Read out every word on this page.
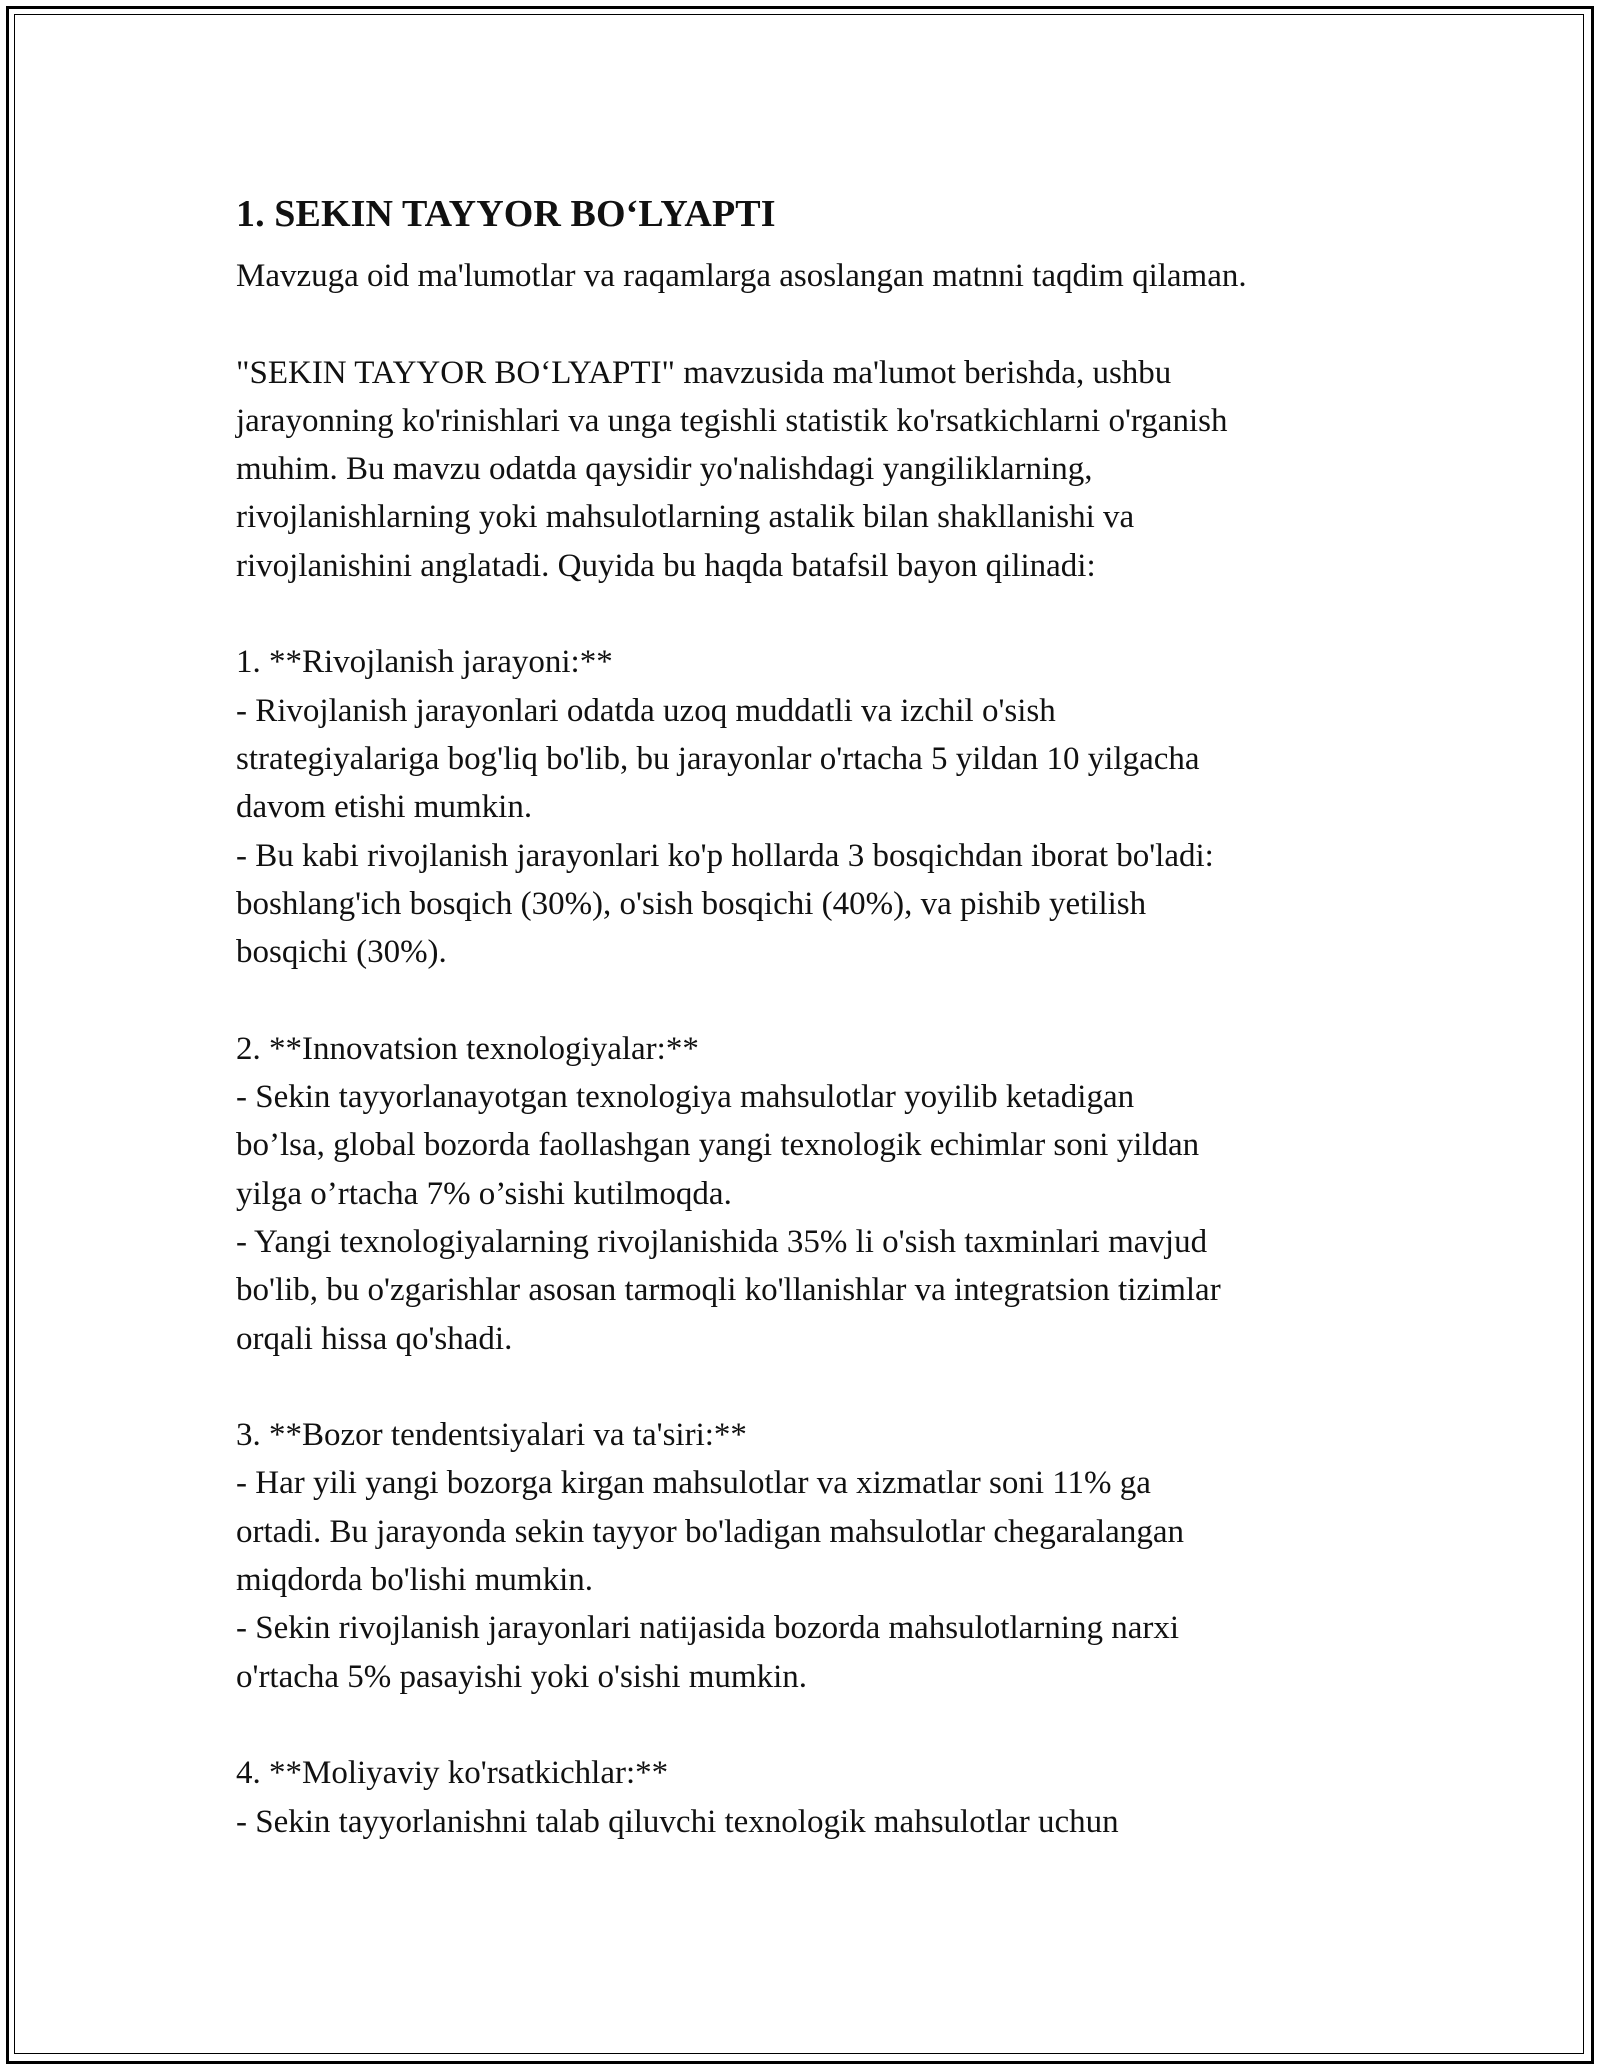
1. SEKIN TAYYOR BO‘LYAPTI

Mavzuga oid ma'lumotlar va raqamlarga asoslangan matnni taqdim qilaman.

"SEKIN TAYYOR BO‘LYAPTI" mavzusida ma'lumot berishda, ushbu
jarayonning ko'rinishlari va unga tegishli statistik ko'rsatkichlarni o'rganish
muhim. Bu mavzu odatda qaysidir yo'nalishdagi yangiliklarning,
rivojlanishlarning yoki mahsulotlarning astalik bilan shakllanishi va
rivojlanishini anglatadi. Quyida bu haqda batafsil bayon qilinadi:

1. **Rivojlanish jarayoni:**
- Rivojlanish jarayonlari odatda uzoq muddatli va izchil o'sish
strategiyalariga bog'liq bo'lib, bu jarayonlar o'rtacha 5 yildan 10 yilgacha
davom etishi mumkin.
- Bu kabi rivojlanish jarayonlari ko'p hollarda 3 bosqichdan iborat bo'ladi:
boshlang'ich bosqich (30%), o'sish bosqichi (40%), va pishib yetilish
bosqichi (30%).

2. **Innovatsion texnologiyalar:**
- Sekin tayyorlanayotgan texnologiya mahsulotlar yoyilib ketadigan
bo’lsa, global bozorda faollashgan yangi texnologik echimlar soni yildan
yilga o’rtacha 7% o’sishi kutilmoqda.
- Yangi texnologiyalarning rivojlanishida 35% li o'sish taxminlari mavjud
bo'lib, bu o'zgarishlar asosan tarmoqli ko'llanishlar va integratsion tizimlar
orqali hissa qo'shadi.

3. **Bozor tendentsiyalari va ta'siri:**
- Har yili yangi bozorga kirgan mahsulotlar va xizmatlar soni 11% ga
ortadi. Bu jarayonda sekin tayyor bo'ladigan mahsulotlar chegaralangan
miqdorda bo'lishi mumkin.
- Sekin rivojlanish jarayonlari natijasida bozorda mahsulotlarning narxi
o'rtacha 5% pasayishi yoki o'sishi mumkin.

4. **Moliyaviy ko'rsatkichlar:**
- Sekin tayyorlanishni talab qiluvchi texnologik mahsulotlar uchun
